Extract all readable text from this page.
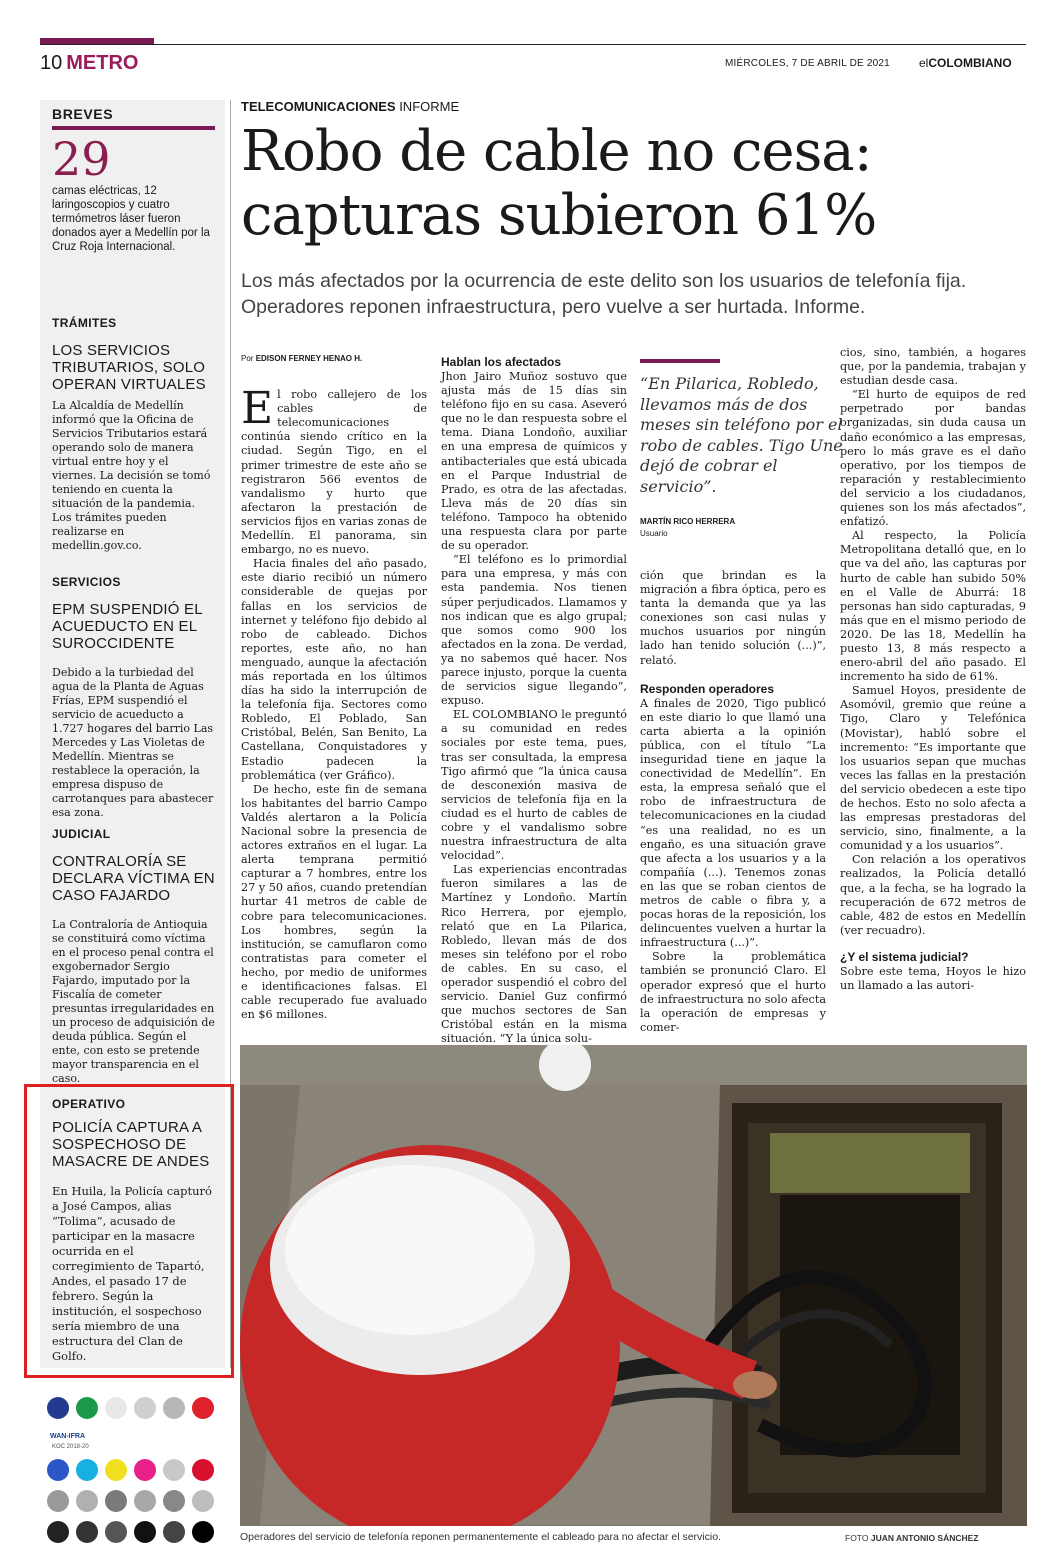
10 METRO	MIÉRCOLES, 7 DE ABRIL DE 2021 elCOLOMBIANO
BREVES
29
camas eléctricas, 12 laringoscopios y cuatro termómetros láser fueron donados ayer a Medellín por la Cruz Roja Internacional.
TRÁMITES
LOS SERVICIOS TRIBUTARIOS, SOLO OPERAN VIRTUALES
La Alcaldía de Medellín informó que la Oficina de Servicios Tributarios estará operando solo de manera virtual entre hoy y el viernes. La decisión se tomó teniendo en cuenta la situación de la pandemia. Los trámites pueden realizarse en medellin.gov.co.
SERVICIOS
EPM SUSPENDIÓ EL ACUEDUCTO EN EL SUROCCIDENTE
Debido a la turbiedad del agua de la Planta de Aguas Frías, EPM suspendió el servicio de acueducto a 1.727 hogares del barrio Las Mercedes y Las Violetas de Medellín. Mientras se restablece la operación, la empresa dispuso de carrotanques para abastecer esa zona.
JUDICIAL
CONTRALORÍA SE DECLARA VÍCTIMA EN CASO FAJARDO
La Contraloría de Antioquia se constituirá como víctima en el proceso penal contra el exgobernador Sergio Fajardo, imputado por la Fiscalía de cometer presuntas irregularidades en un proceso de adquisición de deuda pública. Según el ente, con esto se pretende mayor transparencia en el caso.
OPERATIVO
POLICÍA CAPTURA A SOSPECHOSO DE MASACRE DE ANDES
En Huila, la Policía capturó a José Campos, alias “Tolima”, acusado de participar en la masacre ocurrida en el corregimiento de Tapartó, Andes, el pasado 17 de febrero. Según la institución, el sospechoso sería miembro de una estructura del Clan de Golfo.
TELECOMUNICACIONES INFORME
Robo de cable no cesa: capturas subieron 61%
Los más afectados por la ocurrencia de este delito son los usuarios de telefonía fija. Operadores reponen infraestructura, pero vuelve a ser hurtada. Informe.
Por EDISON FERNEY HENAO H.

El robo callejero de los cables de telecomunicaciones continúa siendo crítico en la ciudad. Según Tigo, en el primer trimestre de este año se registraron 566 eventos de vandalismo y hurto que afectaron la prestación de servicios fijos en varias zonas de Medellín. El panorama, sin embargo, no es nuevo.

Hacia finales del año pasado, este diario recibió un número considerable de quejas por fallas en los servicios de internet y teléfono fijo debido al robo de cableado. Dichos reportes, este año, no han menguado, aunque la afectación más reportada en los últimos días ha sido la interrupción de la telefonía fija. Sectores como Robledo, El Poblado, San Cristóbal, Belén, San Benito, La Castellana, Conquistadores y Estadio padecen la problemática (ver Gráfico).

De hecho, este fin de semana los habitantes del barrio Campo Valdés alertaron a la Policía Nacional sobre la presencia de actores extraños en el lugar. La alerta temprana permitió capturar a 7 hombres, entre los 27 y 50 años, cuando pretendían hurtar 41 metros de cable de cobre para telecomunicaciones. Los hombres, según la institución, se camuflaron como contratistas para cometer el hecho, por medio de uniformes e identificaciones falsas. El cable recuperado fue avaluado en $6 millones.

Hablan los afectados

Jhon Jairo Muñoz sostuvo que ajusta más de 15 días sin teléfono fijo en su casa. Aseveró que no le dan respuesta sobre el tema. Diana Londoño, auxiliar en una empresa de químicos y antibacteriales que está ubicada en el Parque Industrial de Prado, es otra de las afectadas. Lleva más de 20 días sin teléfono. Tampoco ha obtenido una respuesta clara por parte de su operador.

“El teléfono es lo primordial para una empresa, y más con esta pandemia. Nos tienen súper perjudicados. Llamamos y nos indican que es algo grupal; que somos como 900 los afectados en la zona. De verdad, ya no sabemos qué hacer. Nos parece injusto, porque la cuenta de servicios sigue llegando”, expuso.

EL COLOMBIANO le preguntó a su comunidad en redes sociales por este tema, pues, tras ser consultada, la empresa Tigo afirmó que “la única causa de desconexión masiva de servicios de telefonía fija en la ciudad es el hurto de cables de cobre y el vandalismo sobre nuestra infraestructura de alta velocidad”.

Las experiencias encontradas fueron similares a las de Martínez y Londoño. Martín Rico Herrera, por ejemplo, relató que en La Pilarica, Robledo, llevan más de dos meses sin teléfono por el robo de cables. En su caso, el operador suspendió el cobro del servicio. Daniel Guz confirmó que muchos sectores de San Cristóbal están en la misma situación. “Y la única solu-

“En Pilarica, Robledo, llevamos más de dos meses sin teléfono por el robo de cables. Tigo Une dejó de cobrar el servicio”.
MARTÍN RICO HERRERA
Usuario

ción que brindan es la migración a fibra óptica, pero es tanta la demanda que ya las conexiones son casi nulas y muchos usuarios por ningún lado han tenido solución (...)”, relató.

Responden operadores

A finales de 2020, Tigo publicó en este diario lo que llamó una carta abierta a la opinión pública, con el título “La inseguridad tiene en jaque la conectividad de Medellín”. En esta, la empresa señaló que el robo de infraestructura de telecomunicaciones en la ciudad “es una realidad, no es un engaño, es una situación grave que afecta a los usuarios y a la compañía (...). Tenemos zonas en las que se roban cientos de metros de cable o fibra y, a pocas horas de la reposición, los delincuentes vuelven a hurtar la infraestructura (...)”.

Sobre la problemática también se pronunció Claro. El operador expresó que el hurto de infraestructura no solo afecta la operación de empresas y comer-

cios, sino, también, a hogares que, por la pandemia, trabajan y estudian desde casa.

“El hurto de equipos de red perpetrado por bandas organizadas, sin duda causa un daño económico a las empresas, pero lo más grave es el daño operativo, por los tiempos de reparación y restablecimiento del servicio a los ciudadanos, quienes son los más afectados”, enfatizó.

Al respecto, la Policía Metropolitana detalló que, en lo que va del año, las capturas por hurto de cable han subido 50% en el Valle de Aburrá: 18 personas han sido capturadas, 9 más que en el mismo periodo de 2020. De las 18, Medellín ha puesto 13, 8 más respecto a enero-abril del año pasado. El incremento ha sido de 61%.

Samuel Hoyos, presidente de Asomóvil, gremio que reúne a Tigo, Claro y Telefónica (Movistar), habló sobre el incremento: “Es importante que los usuarios sepan que muchas veces las fallas en la prestación del servicio obedecen a este tipo de hechos. Esto no solo afecta a las empresas prestadoras del servicio, sino, finalmente, a la comunidad y a los usuarios”.

Con relación a los operativos realizados, la Policía detalló que, a la fecha, se ha logrado la recuperación de 672 metros de cable, 482 de estos en Medellín (ver recuadro).

¿Y el sistema judicial?

Sobre este tema, Hoyos le hizo un llamado a las autori-

Operadores del servicio de telefonía reponen permanentemente el cableado para no afectar el servicio.	FOTO JUAN ANTONIO SÁNCHEZ
WAN-IFRA
KOC 2018-20
